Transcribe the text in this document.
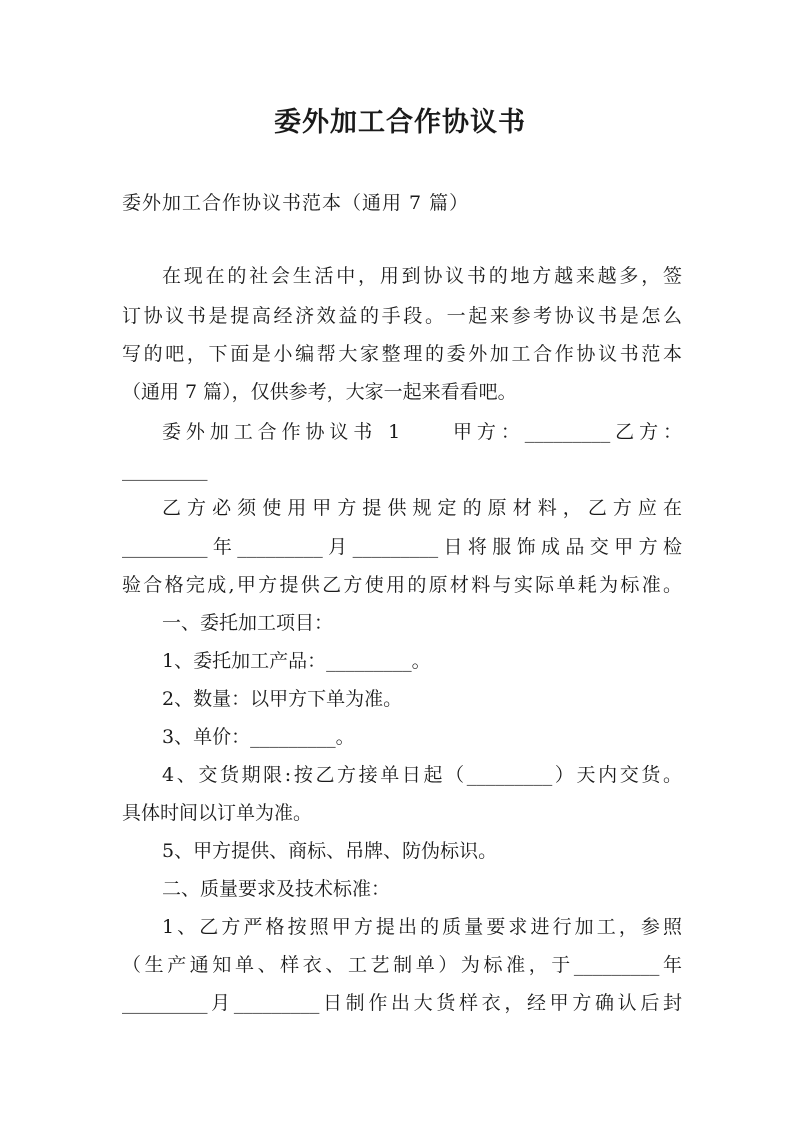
委外加工合作协议书
委外加工合作协议书范本（通用 7 篇）
在现在的社会生活中，用到协议书的地方越来越多，签
订协议书是提高经济效益的手段。一起来参考协议书是怎么
写的吧，下面是小编帮大家整理的委外加工合作协议书范本
（通用 7 篇），仅供参考，大家一起来看看吧。
委外加工合作协议书 1　　甲方：_________乙方：
_________
乙方必须使用甲方提供规定的原材料，乙方应在
_________年_________月_________日将服饰成品交甲方检
验合格完成,甲方提供乙方使用的原材料与实际单耗为标准。
一、委托加工项目：
1、委托加工产品：_________。
2、数量：以甲方下单为准。
3、单价：_________。
4、交货期限:按乙方接单日起（_________）天内交货。
具体时间以订单为准。
5、甲方提供、商标、吊牌、防伪标识。
二、质量要求及技术标准：
1、乙方严格按照甲方提出的质量要求进行加工，参照
（生产通知单、样衣、工艺制单）为标准，于_________年
_________月_________日制作出大货样衣，经甲方确认后封
